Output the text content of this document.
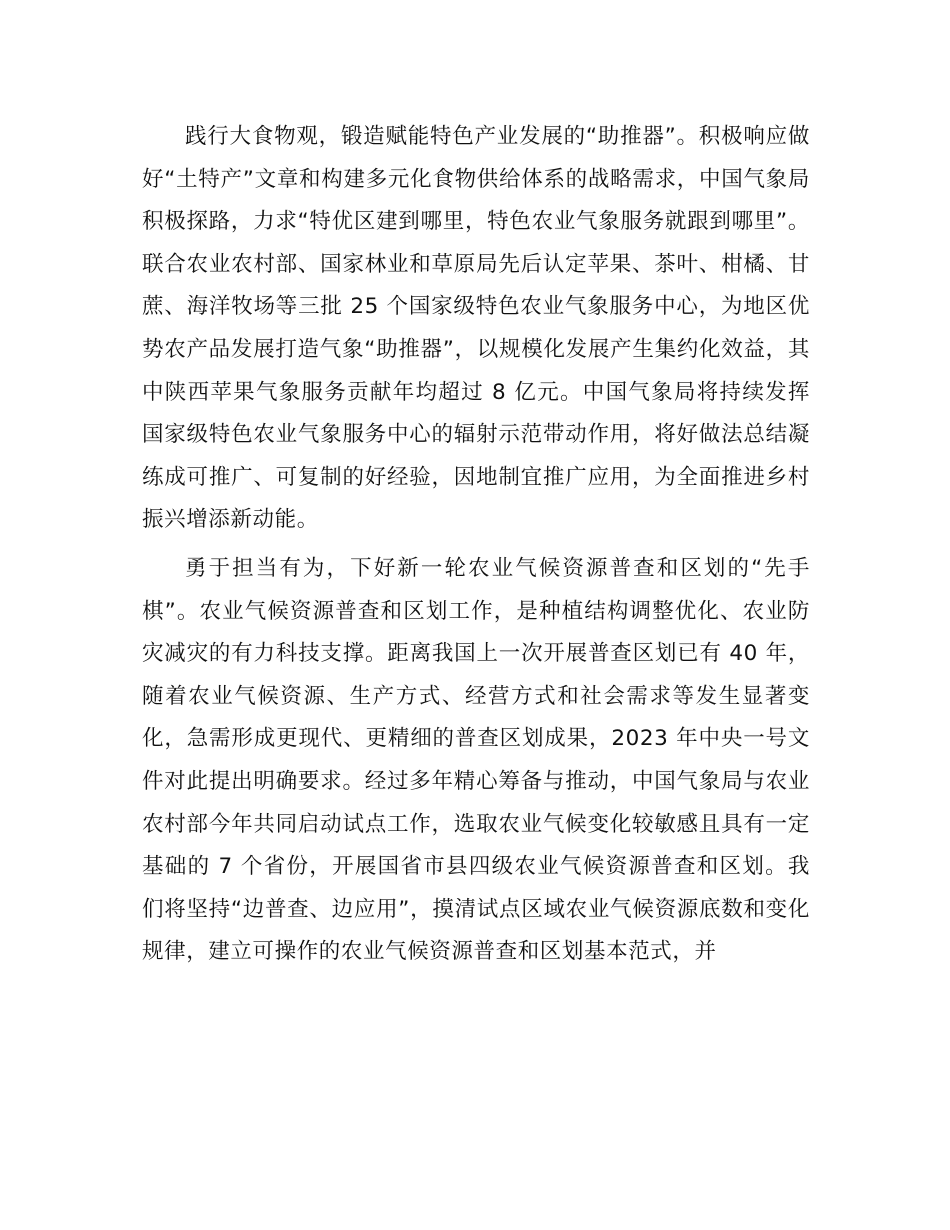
践行大食物观，锻造赋能特色产业发展的“助推器”。积极响应做好“土特产”文章和构建多元化食物供给体系的战略需求，中国气象局积极探路，力求“特优区建到哪里，特色农业气象服务就跟到哪里”。联合农业农村部、国家林业和草原局先后认定苹果、茶叶、柑橘、甘蔗、海洋牧场等三批 25 个国家级特色农业气象服务中心，为地区优势农产品发展打造气象“助推器”，以规模化发展产生集约化效益，其中陕西苹果气象服务贡献年均超过 8 亿元。中国气象局将持续发挥国家级特色农业气象服务中心的辐射示范带动作用，将好做法总结凝练成可推广、可复制的好经验，因地制宜推广应用，为全面推进乡村振兴增添新动能。

勇于担当有为，下好新一轮农业气候资源普查和区划的“先手棋”。农业气候资源普查和区划工作，是种植结构调整优化、农业防灾减灾的有力科技支撑。距离我国上一次开展普查区划已有 40 年，随着农业气候资源、生产方式、经营方式和社会需求等发生显著变化，急需形成更现代、更精细的普查区划成果，2023 年中央一号文件对此提出明确要求。经过多年精心筹备与推动，中国气象局与农业农村部今年共同启动试点工作，选取农业气候变化较敏感且具有一定基础的 7 个省份，开展国省市县四级农业气候资源普查和区划。我们将坚持“边普查、边应用”，摸清试点区域农业气候资源底数和变化规律，建立可操作的农业气候资源普查和区划基本范式，并
